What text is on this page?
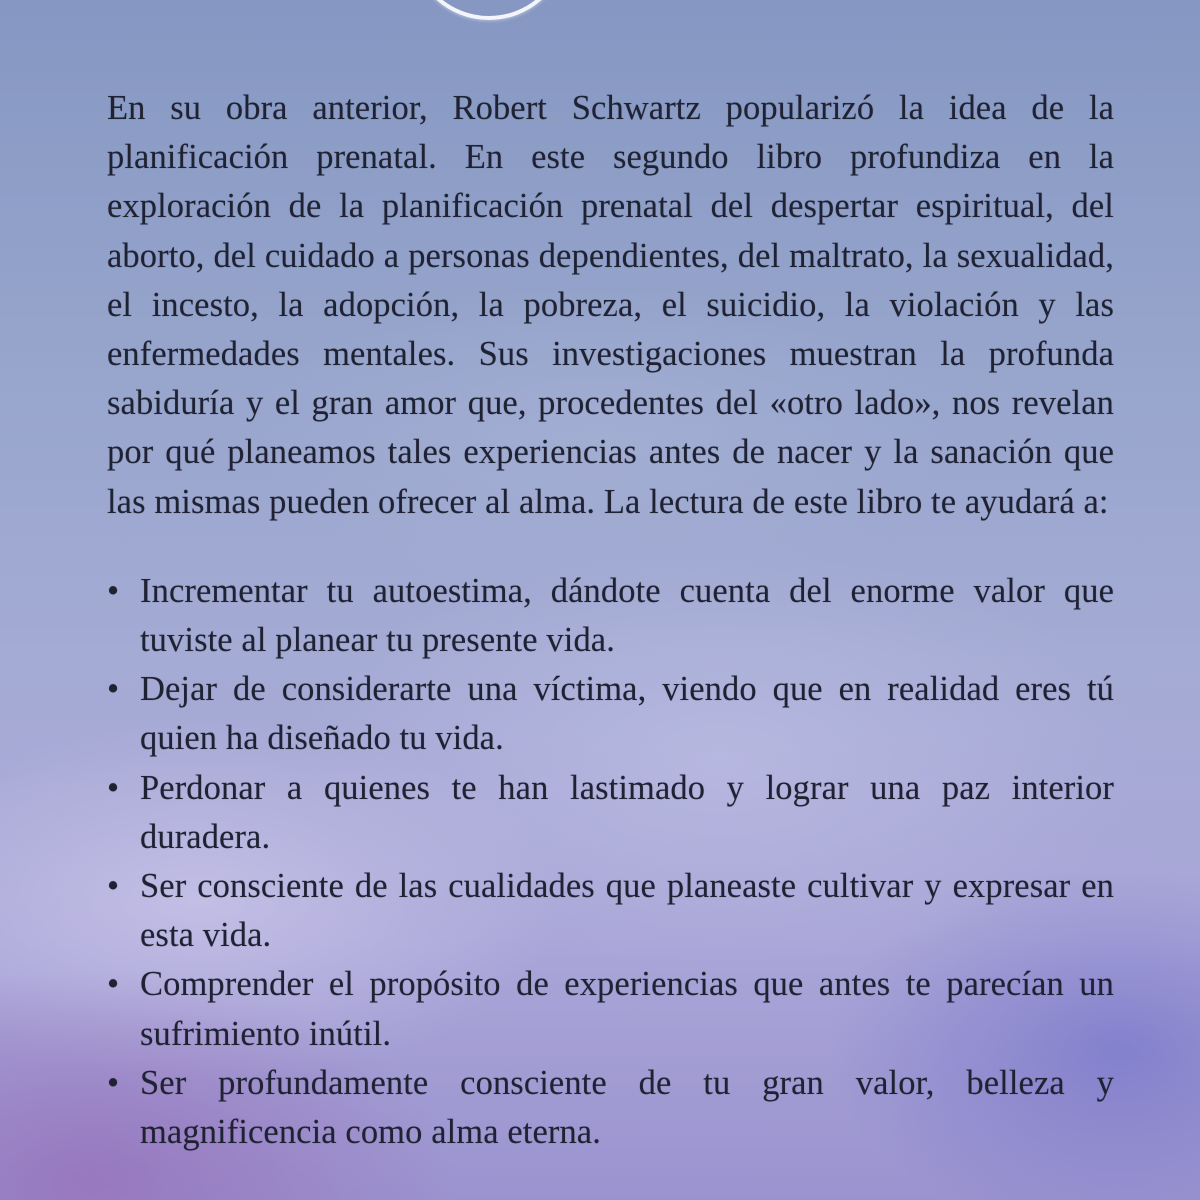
En su obra anterior, Robert Schwartz popularizó la idea de la planificación prenatal. En este segundo libro profundiza en la exploración de la planificación prenatal del despertar espiritual, del aborto, del cuidado a personas dependientes, del maltrato, la sexualidad, el incesto, la adopción, la pobreza, el suicidio, la violación y las enfermedades mentales. Sus investigaciones muestran la profunda sabiduría y el gran amor que, procedentes del «otro lado», nos revelan por qué planeamos tales experiencias antes de nacer y la sanación que las mismas pueden ofrecer al alma. La lectura de este libro te ayudará a:

• Incrementar tu autoestima, dándote cuenta del enorme valor que tuviste al planear tu presente vida.
• Dejar de considerarte una víctima, viendo que en realidad eres tú quien ha diseñado tu vida.
• Perdonar a quienes te han lastimado y lograr una paz interior duradera.
• Ser consciente de las cualidades que planeaste cultivar y expresar en esta vida.
• Comprender el propósito de experiencias que antes te parecían un sufrimiento inútil.
• Ser profundamente consciente de tu gran valor, belleza y magnificencia como alma eterna.
